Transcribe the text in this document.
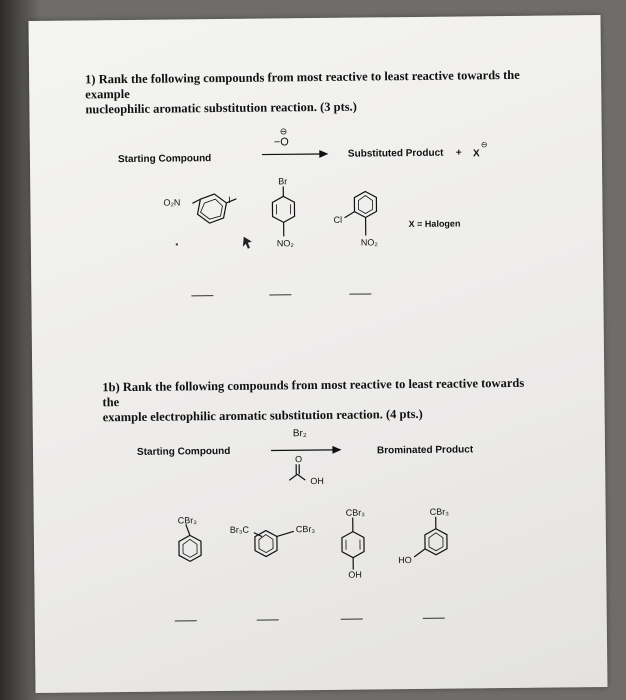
1) Rank the following compounds from most reactive to least reactive towards the example
nucleophilic aromatic substitution reaction. (3 pts.)
Starting Compound
⊖
−O
Substituted Product + X
⊖
O₂N	I
Br
NO₂
Cl
NO₂
X = Halogen
1b) Rank the following compounds from most reactive to least reactive towards the
example electrophilic aromatic substitution reaction. (4 pts.)
Starting Compound
Br₂
Brominated Product
OH
CBr₃
Br₃C	CBr₃
CBr₃
OH
CBr₃
HO
O
